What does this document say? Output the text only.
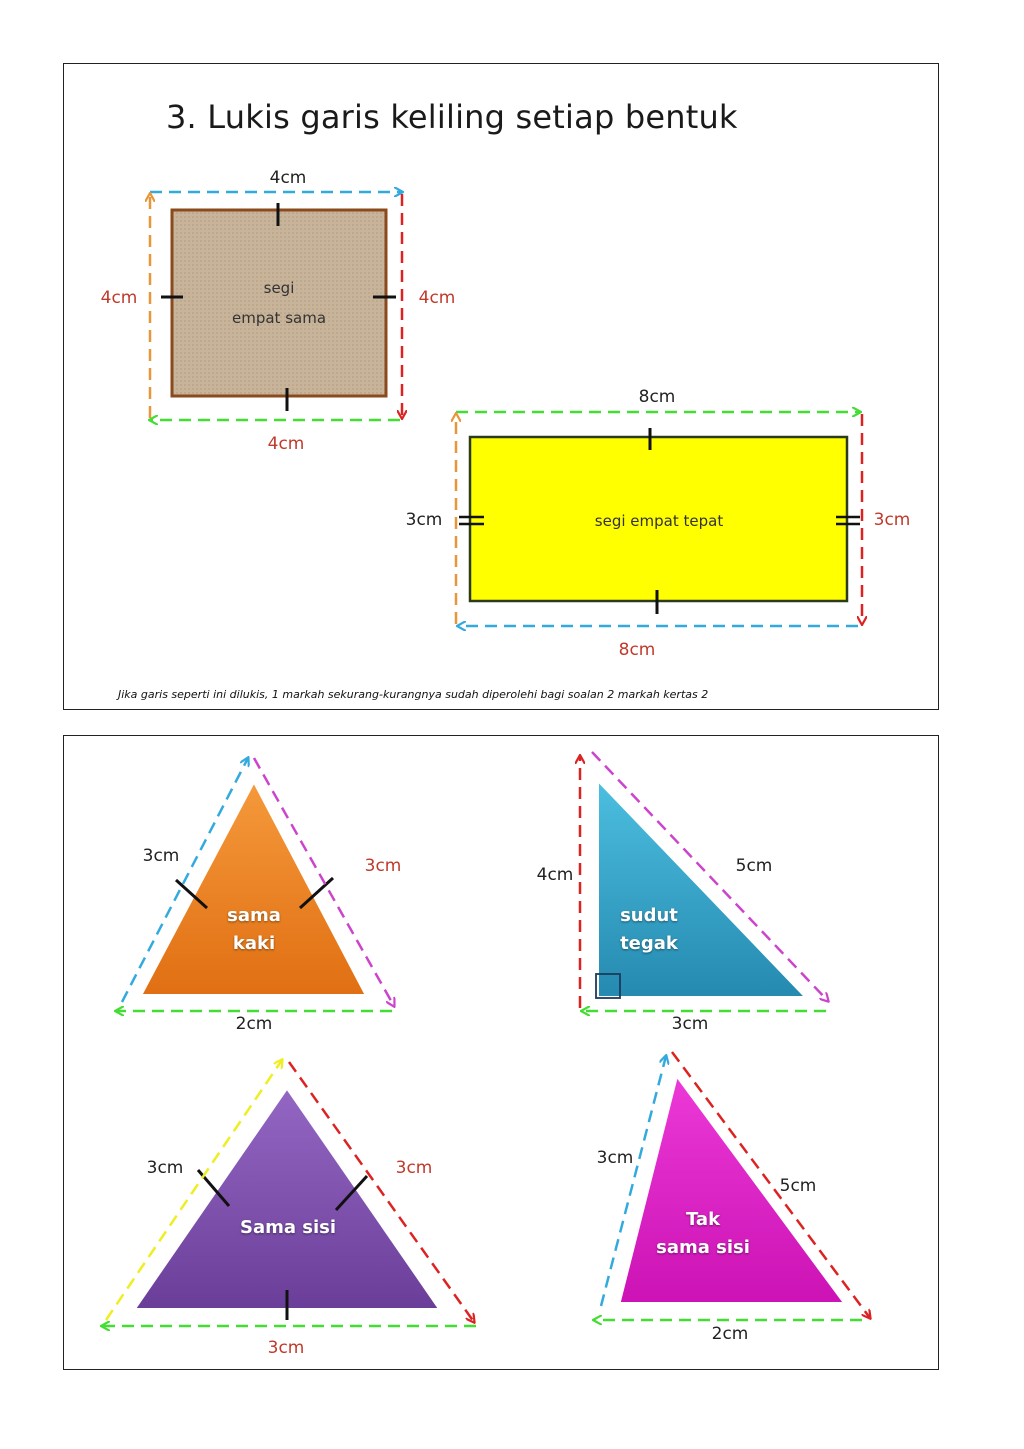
3. Lukis garis keliling setiap bentuk
Jika garis seperti ini dilukis, 1 markah sekurang-kurangnya sudah diperolehi bagi soalan 2 markah kertas 2
4cm
4cm	4cm
4cm
segi
empat sama
8cm
3cm	3cm
8cm
segi empat tepat
3cm	3cm
2cm
sama
kaki
4cm	5cm
3cm
sudut
tegak
3cm	3cm
3cm
Sama sisi
3cm
5cm
2cm
Tak
sama sisi
